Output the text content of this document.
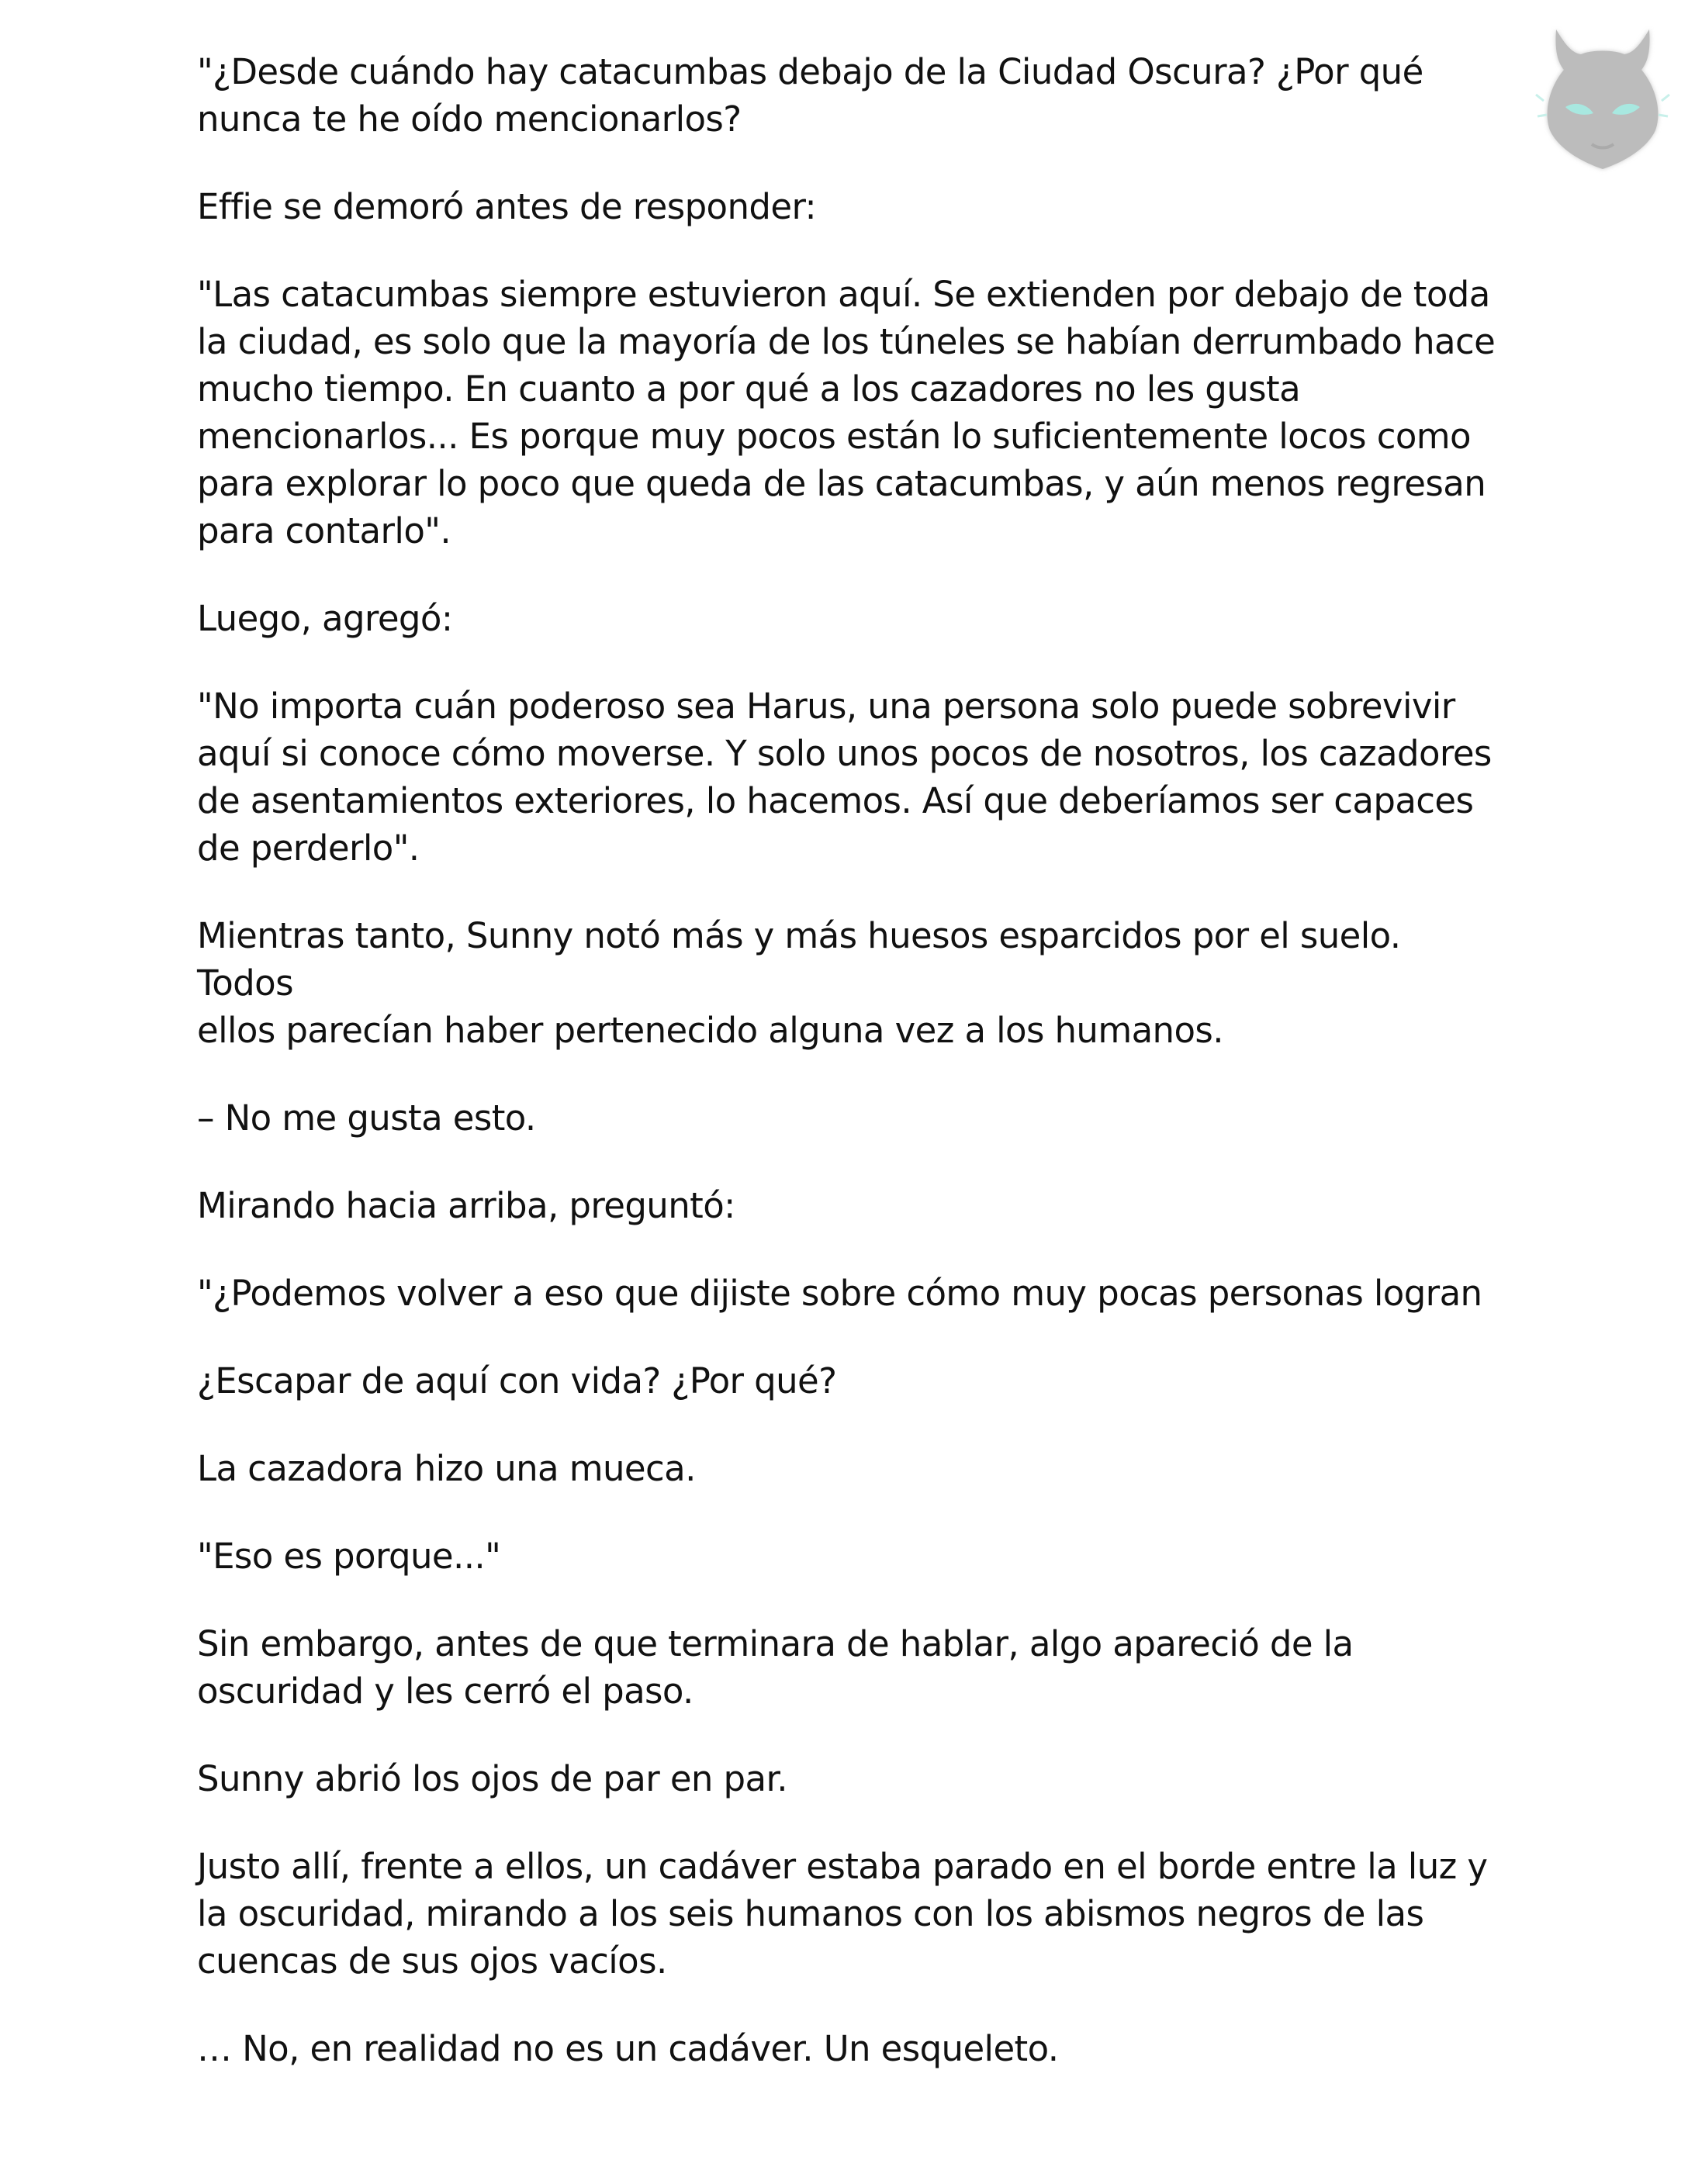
"¿Desde cuándo hay catacumbas debajo de la Ciudad Oscura? ¿Por qué
nunca te he oído mencionarlos?

Effie se demoró antes de responder:

"Las catacumbas siempre estuvieron aquí. Se extienden por debajo de toda
la ciudad, es solo que la mayoría de los túneles se habían derrumbado hace
mucho tiempo. En cuanto a por qué a los cazadores no les gusta
mencionarlos... Es porque muy pocos están lo suficientemente locos como
para explorar lo poco que queda de las catacumbas, y aún menos regresan
para contarlo".

Luego, agregó:

"No importa cuán poderoso sea Harus, una persona solo puede sobrevivir
aquí si conoce cómo moverse. Y solo unos pocos de nosotros, los cazadores
de asentamientos exteriores, lo hacemos. Así que deberíamos ser capaces
de perderlo".

Mientras tanto, Sunny notó más y más huesos esparcidos por el suelo. Todos
ellos parecían haber pertenecido alguna vez a los humanos.

– No me gusta esto.

Mirando hacia arriba, preguntó:

"¿Podemos volver a eso que dijiste sobre cómo muy pocas personas logran

¿Escapar de aquí con vida? ¿Por qué?

La cazadora hizo una mueca.

"Eso es porque..."

Sin embargo, antes de que terminara de hablar, algo apareció de la
oscuridad y les cerró el paso.

Sunny abrió los ojos de par en par.

Justo allí, frente a ellos, un cadáver estaba parado en el borde entre la luz y
la oscuridad, mirando a los seis humanos con los abismos negros de las
cuencas de sus ojos vacíos.

… No, en realidad no es un cadáver. Un esqueleto.
